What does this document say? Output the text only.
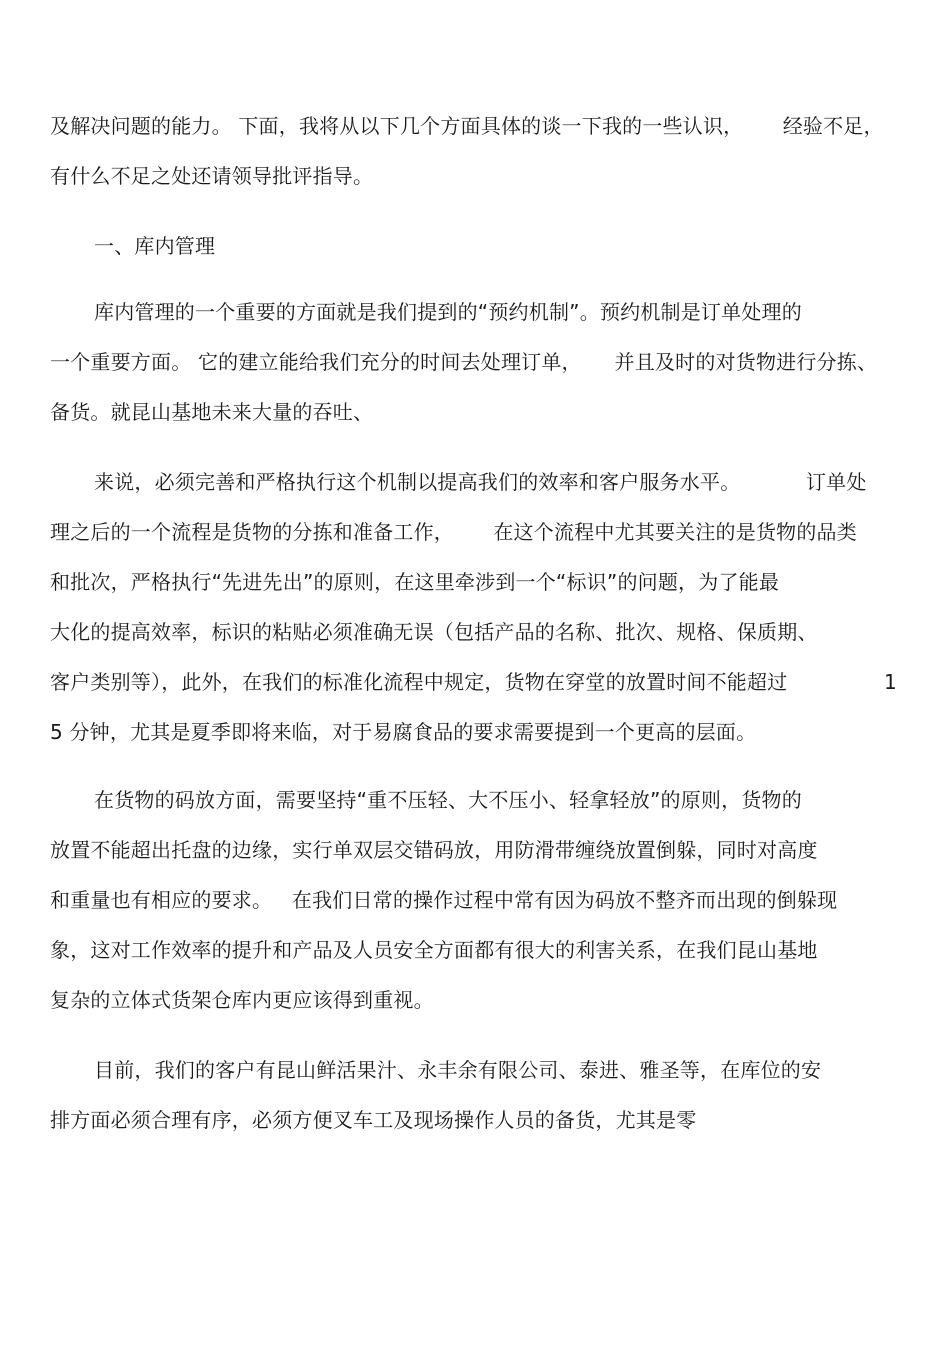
及解决问题的能力。 下面，我将从以下几个方面具体的谈一下我的一些认识，      经验不足，
有什么不足之处还请领导批评指导。
一、库内管理
库内管理的一个重要的方面就是我们提到的“预约机制”。预约机制是订单处理的
一个重要方面。 它的建立能给我们充分的时间去处理订单，     并且及时的对货物进行分拣、
备货。就昆山基地未来大量的吞吐、
来说，必须完善和严格执行这个机制以提高我们的效率和客户服务水平。          订单处
理之后的一个流程是货物的分拣和准备工作，      在这个流程中尤其要关注的是货物的品类
和批次，严格执行“先进先出”的原则，在这里牵涉到一个“标识”的问题，为了能最
大化的提高效率，标识的粘贴必须准确无误（包括产品的名称、批次、规格、保质期、
客户类别等），此外，在我们的标准化流程中规定，货物在穿堂的放置时间不能超过	1
5 分钟，尤其是夏季即将来临，对于易腐食品的要求需要提到一个更高的层面。
在货物的码放方面，需要坚持“重不压轻、大不压小、轻拿轻放”的原则，货物的
放置不能超出托盘的边缘，实行单双层交错码放，用防滑带缠绕放置倒躲，同时对高度
和重量也有相应的要求。   在我们日常的操作过程中常有因为码放不整齐而出现的倒躲现
象，这对工作效率的提升和产品及人员安全方面都有很大的利害关系，在我们昆山基地
复杂的立体式货架仓库内更应该得到重视。
目前，我们的客户有昆山鲜活果汁、永丰余有限公司、泰进、雅圣等，在库位的安
排方面必须合理有序，必须方便叉车工及现场操作人员的备货，尤其是零
